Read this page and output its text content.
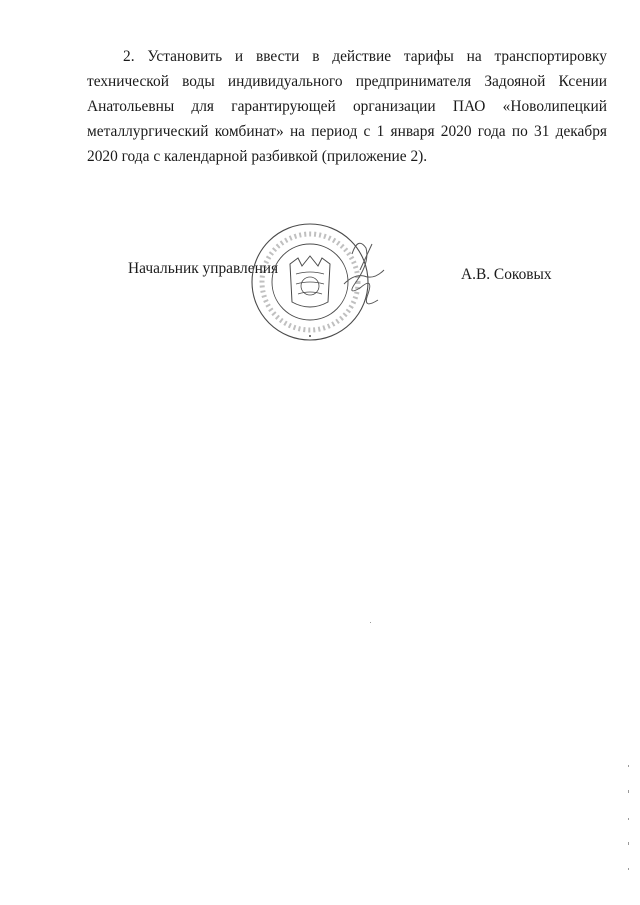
2. Установить и ввести в действие тарифы на транспортировку
технической воды индивидуального предпринимателя Задояной Ксении
Анатольевны для гарантирующей организации ПАО «Новолипецкий
металлургический комбинат» на период с 1 января 2020 года по 31 декабря
2020 года с календарной разбивкой (приложение 2).
Начальник управления	А.В. Соковых
